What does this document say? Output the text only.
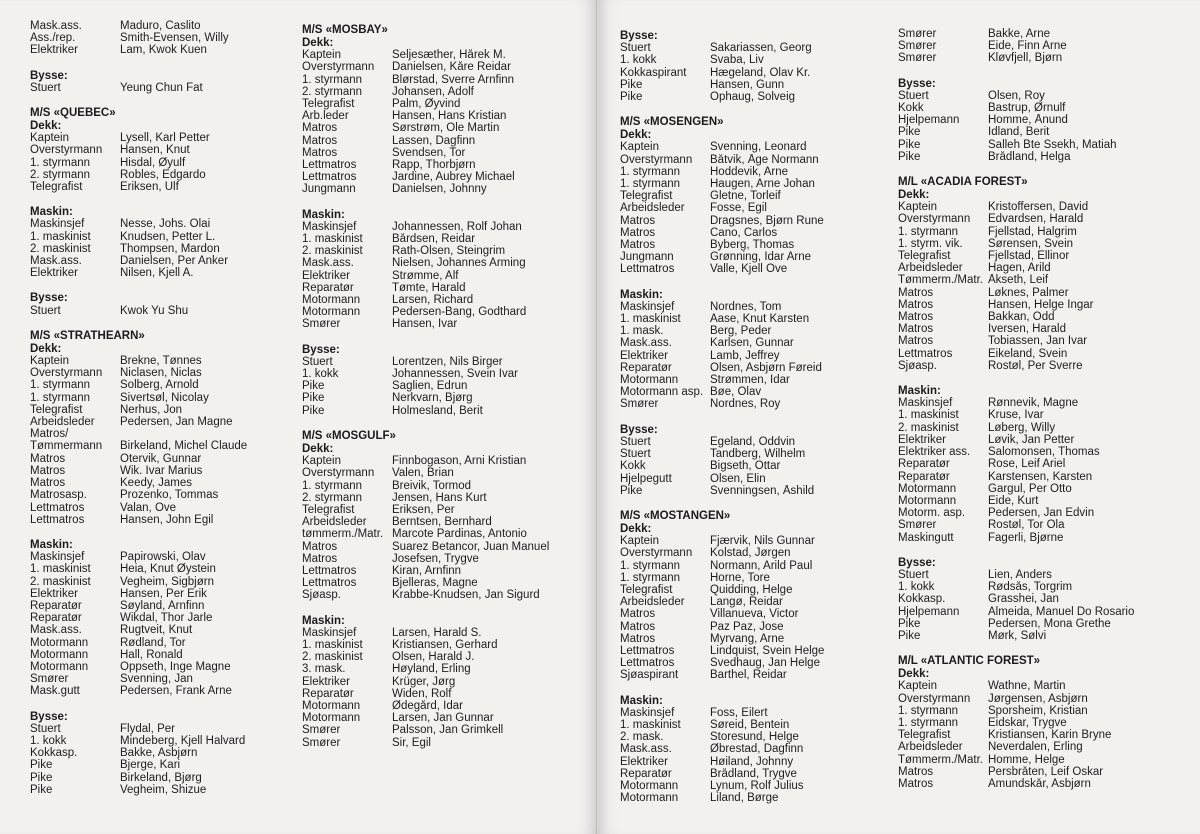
Mask.ass.	Maduro, Caslito
Ass./rep.	Smith-Evensen, Willy
Elektriker	Lam, Kwok Kuen
Bysse:
Stuert	Yeung Chun Fat
M/S «QUEBEC»
Dekk:
Kaptein	Lysell, Karl Petter
Overstyrmann	Hansen, Knut
1. styrmann	Hisdal, Øyulf
2. styrmann	Robles, Edgardo
Telegrafist	Eriksen, Ulf
Maskin:
Maskinsjef	Nesse, Johs. Olai
1. maskinist	Knudsen, Petter L.
2. maskinist	Thompsen, Mardon
Mask.ass.	Danielsen, Per Anker
Elektriker	Nilsen, Kjell A.
Bysse:
Stuert	Kwok Yu Shu
M/S «STRATHEARN»
Dekk:
Kaptein	Brekne, Tønnes
Overstyrmann	Niclasen, Niclas
1. styrmann	Solberg, Arnold
1. styrmann	Sivertsøl, Nicolay
Telegrafist	Nerhus, Jon
Arbeidsleder	Pedersen, Jan Magne
Matros/
Tømmermann	Birkeland, Michel Claude
Matros	Otervik, Gunnar
Matros	Wik. Ivar Marius
Matros	Keedy, James
Matrosasp.	Prozenko, Tommas
Lettmatros	Valan, Ove
Lettmatros	Hansen, John Egil
Maskin:
Maskinsjef	Papirowski, Olav
1. maskinist	Heia, Knut Øystein
2. maskinist	Vegheim, Sigbjørn
Elektriker	Hansen, Per Erik
Reparatør	Søyland, Arnfinn
Reparatør	Wikdal, Thor Jarle
Mask.ass.	Rugtveit, Knut
Motormann	Rødland, Tor
Motormann	Hall, Ronald
Motormann	Oppseth, Inge Magne
Smører	Svenning, Jan
Mask.gutt	Pedersen, Frank Arne
Bysse:
Stuert	Flydal, Per
1. kokk	Mindeberg, Kjell Halvard
Kokkasp.	Bakke, Asbjørn
Pike	Bjerge, Kari
Pike	Birkeland, Bjørg
Pike	Vegheim, Shizue
M/S «MOSBAY»
Dekk:
Kaptein	Seljesæther, Hårek M.
Overstyrmann	Danielsen, Kåre Reidar
1. styrmann	Blørstad, Sverre Arnfinn
2. styrmann	Johansen, Adolf
Telegrafist	Palm, Øyvind
Arb.leder	Hansen, Hans Kristian
Matros	Sørstrøm, Ole Martin
Matros	Lassen, Dagfinn
Matros	Svendsen, Tor
Lettmatros	Rapp, Thorbjørn
Lettmatros	Jardine, Aubrey Michael
Jungmann	Danielsen, Johnny
Maskin:
Maskinsjef	Johannessen, Rolf Johan
1. maskinist	Bårdsen, Reidar
2. maskinist	Rath-Olsen, Steingrim
Mask.ass.	Nielsen, Johannes Arming
Elektriker	Strømme, Alf
Reparatør	Tømte, Harald
Motormann	Larsen, Richard
Motormann	Pedersen-Bang, Godthard
Smører	Hansen, Ivar
Bysse:
Stuert	Lorentzen, Nils Birger
1. kokk	Johannessen, Svein Ivar
Pike	Saglien, Edrun
Pike	Nerkvarn, Bjørg
Pike	Holmesland, Berit
M/S «MOSGULF»
Dekk:
Kaptein	Finnbogason, Arni Kristian
Overstyrmann	Valen, Brian
1. styrmann	Breivik, Tormod
2. styrmann	Jensen, Hans Kurt
Telegrafist	Eriksen, Per
Arbeidsleder	Berntsen, Bernhard
tømmerm./Matr. Marcote Pardinas, Antonio
Matros	Suarez Betancor, Juan Manuel
Matros	Josefsen, Trygve
Lettmatros	Kiran, Arnfinn
Lettmatros	Bjelleras, Magne
Sjøasp.	Krabbe-Knudsen, Jan Sigurd
Maskin:
Maskinsjef	Larsen, Harald S.
1. maskinist	Kristiansen, Gerhard
2. maskinist	Olsen, Harald J.
3. mask.	Høyland, Erling
Elektriker	Krüger, Jørg
Reparatør	Widen, Rolf
Motormann	Ødegård, Idar
Motormann	Larsen, Jan Gunnar
Smører	Palsson, Jan Grimkell
Smører	Sir, Egil
Bysse:
Stuert	Sakariassen, Georg
1. kokk	Svaba, Liv
Kokkaspirant	Hægeland, Olav Kr.
Pike	Hansen, Gunn
Pike	Ophaug, Solveig
M/S «MOSENGEN»
Dekk:
Kaptein	Svenning, Leonard
Overstyrmann	Båtvik, Åge Normann
1. styrmann	Hoddevik, Arne
1. styrmann	Haugen, Arne Johan
Telegrafist	Gletne, Torleif
Arbeidsleder	Fosse, Egil
Matros	Dragsnes, Bjørn Rune
Matros	Cano, Carlos
Matros	Byberg, Thomas
Jungmann	Grønning, Idar Arne
Lettmatros	Valle, Kjell Ove
Maskin:
Maskinsjef	Nordnes, Tom
1. maskinist	Aase, Knut Karsten
1. mask.	Berg, Peder
Mask.ass.	Karlsen, Gunnar
Elektriker	Lamb, Jeffrey
Reparatør	Olsen, Asbjørn Føreid
Motormann	Strømmen, Idar
Motormann asp. Bøe, Olav
Smører	Nordnes, Roy
Bysse:
Stuert	Egeland, Oddvin
Stuert	Tandberg, Wilhelm
Kokk	Bigseth, Ottar
Hjelpegutt	Olsen, Elin
Pike	Svenningsen, Åshild
M/S «MOSTANGEN»
Dekk:
Kaptein	Fjærvik, Nils Gunnar
Overstyrmann	Kolstad, Jørgen
1. styrmann	Normann, Arild Paul
1. styrmann	Horne, Tore
Telegrafist	Quidding, Helge
Arbeidsleder	Langø, Reidar
Matros	Villanueva, Victor
Matros	Paz Paz, Jose
Matros	Myrvang, Arne
Lettmatros	Lindquist, Svein Helge
Lettmatros	Svedhaug, Jan Helge
Sjøaspirant	Barthel, Reidar
Maskin:
Maskinsjef	Foss, Eilert
1. maskinist	Søreid, Bentein
2. mask.	Storesund, Helge
Mask.ass.	Øbrestad, Dagfinn
Elektriker	Høiland, Johnny
Reparatør	Brådland, Trygve
Motormann	Lynum, Rolf Julius
Motormann	Liland, Børge
Smører	Bakke, Arne
Smører	Eide, Finn Arne
Smører	Kløvfjell, Bjørn
Bysse:
Stuert	Olsen, Roy
Kokk	Bastrup, Ørnulf
Hjelpemann	Homme, Ånund
Pike	Idland, Berit
Pike	Salleh Bte Ssekh, Matiah
Pike	Brådland, Helga
M/L «ACADIA FOREST»
Dekk:
Kaptein	Kristoffersen, David
Overstyrmann	Edvardsen, Harald
1. styrmann	Fjellstad, Halgrim
1. styrm. vik.	Sørensen, Svein
Telegrafist	Fjellstad, Ellinor
Arbeidsleder	Hagen, Arild
Tømmerm./Matr. Åkseth, Leif
Matros	Løknes, Palmer
Matros	Hansen, Helge Ingar
Matros	Bakkan, Odd
Matros	Iversen, Harald
Matros	Tobiassen, Jan Ivar
Lettmatros	Eikeland, Svein
Sjøasp.	Rostøl, Per Sverre
Maskin:
Maskinsjef	Rønnevik, Magne
1. maskinist	Kruse, Ivar
2. maskinist	Løberg, Willy
Elektriker	Løvik, Jan Petter
Elektriker ass.	Salomonsen, Thomas
Reparatør	Rose, Leif Ariel
Reparatør	Karstensen, Karsten
Motormann	Gargul, Per Otto
Motormann	Eide, Kurt
Motorm. asp.	Pedersen, Jan Edvin
Smører	Rostøl, Tor Ola
Maskingutt	Fagerli, Bjørne
Bysse:
Stuert	Lien, Anders
1. kokk	Rødsås, Torgrim
Kokkasp.	Grasshei, Jan
Hjelpemann	Almeida, Manuel Do Rosario
Pike	Pedersen, Mona Grethe
Pike	Mørk, Sølvi
M/L «ATLANTIC FOREST»
Dekk:
Kaptein	Wathne, Martin
Overstyrmann	Jørgensen, Asbjørn
1. styrmann	Sporsheim, Kristian
1. styrmann	Eidskar, Trygve
Telegrafist	Kristiansen, Karin Bryne
Arbeidsleder	Neverdalen, Erling
Tømmerm./Matr. Homme, Helge
Matros	Persbråten, Leif Oskar
Matros	Amundskår, Asbjørn
